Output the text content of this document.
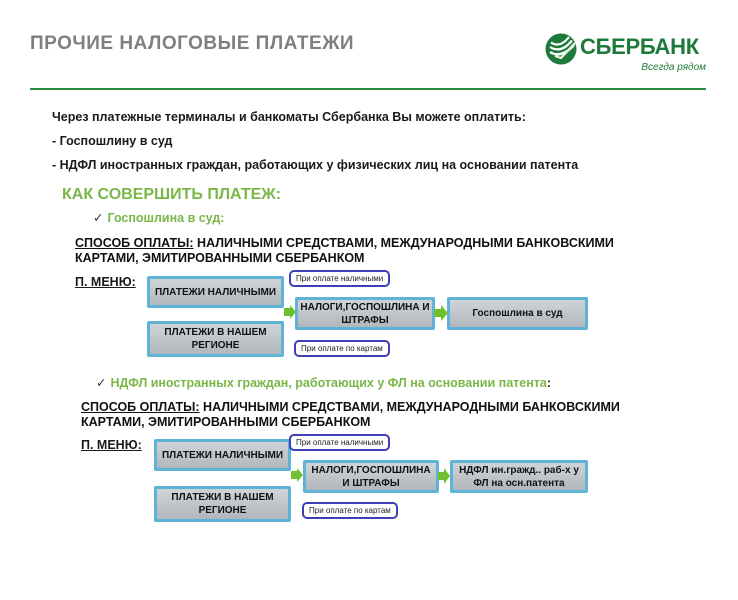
ПРОЧИЕ НАЛОГОВЫЕ ПЛАТЕЖИ	СБЕРБАНК
Всегда рядом
Через платежные терминалы и банкоматы Сбербанка Вы можете оплатить:
- Госпошлину в суд
- НДФЛ иностранных граждан, работающих у физических лиц на основании патента
КАК СОВЕРШИТЬ ПЛАТЕЖ:
✓ Госпошлина в суд:
СПОСОБ ОПЛАТЫ: НАЛИЧНЫМИ СРЕДСТВАМИ, МЕЖДУНАРОДНЫМИ БАНКОВСКИМИ
КАРТАМИ, ЭМИТИРОВАННЫМИ СБЕРБАНКОМ
П. МЕНЮ:
ПЛАТЕЖИ НАЛИЧНЫМИ
ПЛАТЕЖИ В НАШЕМ РЕГИОНЕ
НАЛОГИ,ГОСПОШЛИНА И ШТРАФЫ
Госпошлина в суд
При оплате наличными
При оплате по картам
✓ НДФЛ иностранных граждан, работающих у ФЛ на основании патента:
СПОСОБ ОПЛАТЫ: НАЛИЧНЫМИ СРЕДСТВАМИ, МЕЖДУНАРОДНЫМИ БАНКОВСКИМИ
КАРТАМИ, ЭМИТИРОВАННЫМИ СБЕРБАНКОМ
П. МЕНЮ:
ПЛАТЕЖИ НАЛИЧНЫМИ
ПЛАТЕЖИ В НАШЕМ РЕГИОНЕ
НАЛОГИ,ГОСПОШЛИНА И ШТРАФЫ
НДФЛ ин.гражд.. раб-х у ФЛ на осн.патента
При оплате наличными
При оплате по картам
